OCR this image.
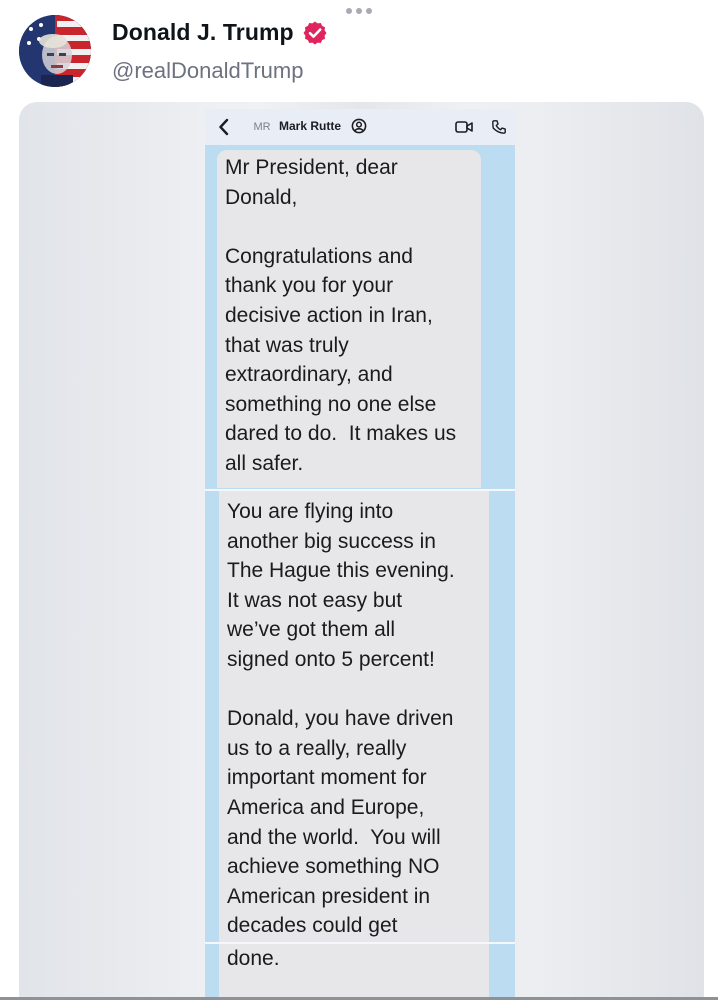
Donald J. Trump
@realDonaldTrump
MR Mark Rutte
Mr President, dear
Donald,

Congratulations and
thank you for your
decisive action in Iran,
that was truly
extraordinary, and
something no one else
dared to do.  It makes us
all safer.
You are flying into
another big success in
The Hague this evening.
It was not easy but
we’ve got them all
signed onto 5 percent!

Donald, you have driven
us to a really, really
important moment for
America and Europe,
and the world.  You will
achieve something NO
American president in
decades could get
done.
